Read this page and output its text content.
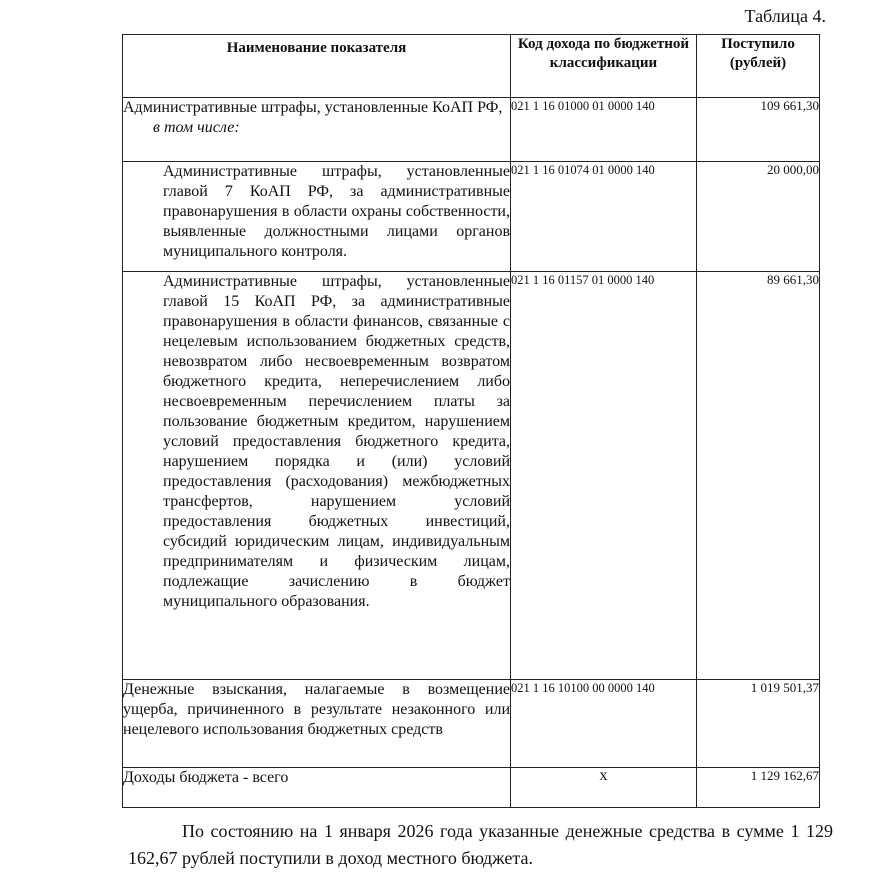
Таблица 4.
Наименование показателя	Код дохода по бюджетной классификации	Поступило (рублей)
Административные штрафы, установленные КоАП РФ,
в том числе:	021 1 16 01000 01 0000 140	109 661,30
Административные штрафы, установленные главой 7 КоАП РФ, за административные правонарушения в области охраны собственности, выявленные должностными лицами органов муниципального контроля.	021 1 16 01074 01 0000 140	20 000,00
Административные штрафы, установленные главой 15 КоАП РФ, за административные правонарушения в области финансов, связанные с нецелевым использованием бюджетных средств, невозвратом либо несвоевременным возвратом бюджетного кредита, неперечислением либо несвоевременным перечислением платы за пользование бюджетным кредитом, нарушением условий предоставления бюджетного кредита, нарушением порядка и (или) условий предоставления (расходования) межбюджетных трансфертов, нарушением условий предоставления бюджетных инвестиций, субсидий юридическим лицам, индивидуальным предпринимателям и физическим лицам, подлежащие зачислению в бюджет муниципального образования.	021 1 16 01157 01 0000 140	89 661,30
Денежные взыскания, налагаемые в возмещение ущерба, причиненного в результате незаконного или нецелевого использования бюджетных средств	021 1 16 10100 00 0000 140	1 019 501,37
Доходы бюджета - всего	х	1 129 162,67

По состоянию на 1 января 2026 года указанные денежные средства в сумме 1 129 162,67 рублей поступили в доход местного бюджета.
